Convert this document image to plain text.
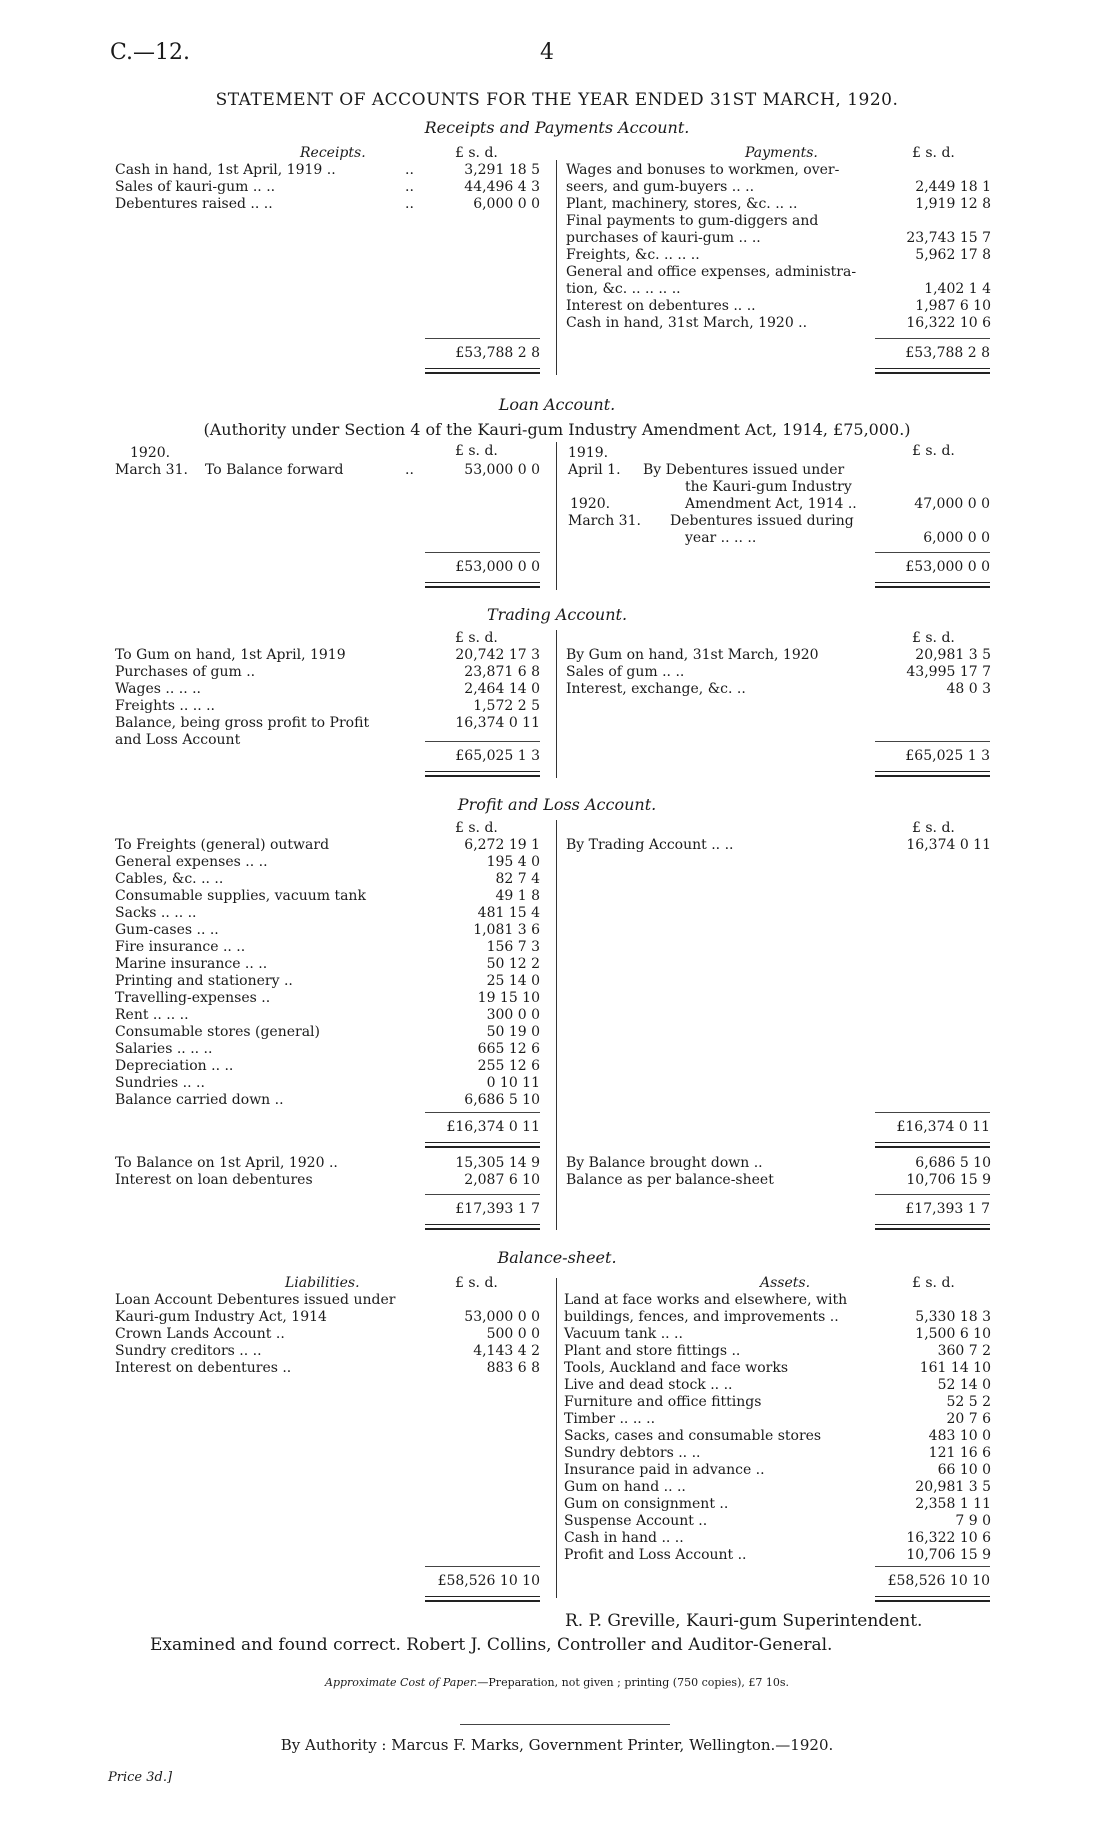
C.—12.	4
STATEMENT OF ACCOUNTS FOR THE YEAR ENDED 31ST MARCH, 1920.
Receipts and Payments Account.
Receipts.	£ s. d.	Payments.	£ s. d.
Cash in hand, 1st April, 1919 ..	..	3,291 18 5
Sales of kauri-gum .. ..	..	44,496 4 3
Debentures raised .. ..	..	6,000 0 0
Wages and bonuses to workmen, over-
seers, and gum-buyers .. ..	2,449 18 1
Plant, machinery, stores, &c. .. ..	1,919 12 8
Final payments to gum-diggers and
purchases of kauri-gum .. ..	23,743 15 7
Freights, &c. .. .. ..	5,962 17 8
General and office expenses, administra-
tion, &c. .. .. .. ..	1,402 1 4
Interest on debentures .. ..	1,987 6 10
Cash in hand, 31st March, 1920 ..	16,322 10 6
£53,788 2 8	£53,788 2 8
Loan Account.
(Authority under Section 4 of the Kauri-gum Industry Amendment Act, 1914, £75,000.)
£ s. d.	£ s. d.
1920.
March 31. To Balance forward	..	53,000 0 0
1919.
April 1. By Debentures issued under
the Kauri-gum Industry
1920.	Amendment Act, 1914 ..	47,000 0 0
March 31. Debentures issued during
year .. .. ..	6,000 0 0
£53,000 0 0	£53,000 0 0
Trading Account.
£ s. d.	£ s. d.
To Gum on hand, 1st April, 1919	20,742 17 3
Purchases of gum ..	23,871 6 8
Wages .. .. ..	2,464 14 0
Freights .. .. ..	1,572 2 5
Balance, being gross profit to Profit	16,374 0 11
and Loss Account
By Gum on hand, 31st March, 1920	20,981 3 5
Sales of gum .. ..	43,995 17 7
Interest, exchange, &c. ..	48 0 3
£65,025 1 3	£65,025 1 3
Profit and Loss Account.
£ s. d.	£ s. d.
To Freights (general) outward	6,272 19 1
General expenses .. ..	195 4 0
Cables, &c. .. ..	82 7 4
Consumable supplies, vacuum tank	49 1 8
Sacks .. .. ..	481 15 4
Gum-cases .. ..	1,081 3 6
Fire insurance .. ..	156 7 3
Marine insurance .. ..	50 12 2
Printing and stationery ..	25 14 0
Travelling-expenses ..	19 15 10
Rent .. .. ..	300 0 0
Consumable stores (general)	50 19 0
Salaries .. .. ..	665 12 6
Depreciation .. ..	255 12 6
Sundries .. ..	0 10 11
Balance carried down ..	6,686 5 10
By Trading Account .. ..	16,374 0 11
£16,374 0 11	£16,374 0 11
To Balance on 1st April, 1920 ..	15,305 14 9
Interest on loan debentures	2,087 6 10
By Balance brought down ..	6,686 5 10
Balance as per balance-sheet	10,706 15 9
£17,393 1 7	£17,393 1 7
Balance-sheet.
Liabilities.	£ s. d.	Assets.	£ s. d.
Loan Account Debentures issued under
Kauri-gum Industry Act, 1914	53,000 0 0
Crown Lands Account ..	500 0 0
Sundry creditors .. ..	4,143 4 2
Interest on debentures ..	883 6 8
Land at face works and elsewhere, with
buildings, fences, and improvements ..	5,330 18 3
Vacuum tank .. ..	1,500 6 10
Plant and store fittings ..	360 7 2
Tools, Auckland and face works	161 14 10
Live and dead stock .. ..	52 14 0
Furniture and office fittings	52 5 2
Timber .. .. ..	20 7 6
Sacks, cases and consumable stores	483 10 0
Sundry debtors .. ..	121 16 6
Insurance paid in advance ..	66 10 0
Gum on hand .. ..	20,981 3 5
Gum on consignment ..	2,358 1 11
Suspense Account ..	7 9 0
Cash in hand .. ..	16,322 10 6
Profit and Loss Account ..	10,706 15 9
£58,526 10 10	£58,526 10 10
R. P. Greville, Kauri-gum Superintendent.
Examined and found correct. Robert J. Collins, Controller and Auditor-General.
Approximate Cost of Paper.—Preparation, not given ; printing (750 copies), £7 10s.
By Authority : Marcus F. Marks, Government Printer, Wellington.—1920.
Price 3d.]
